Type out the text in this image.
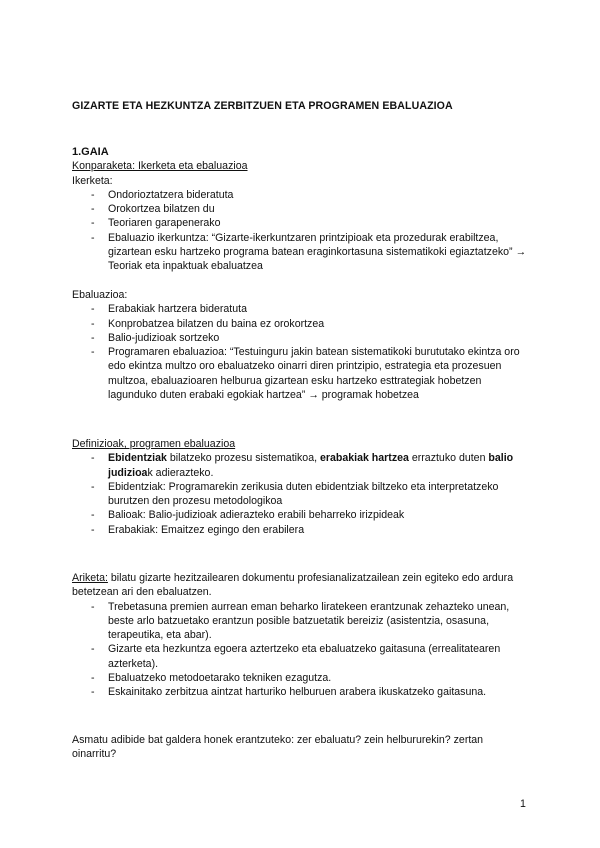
GIZARTE ETA HEZKUNTZA ZERBITZUEN ETA PROGRAMEN EBALUAZIOA
1.GAIA
Konparaketa: Ikerketa eta ebaluazioa
Ikerketa:
- Ondorioztatzera bideratuta
- Orokortzea bilatzen du
- Teoriaren garapenerako
- Ebaluazio ikerkuntza: “Gizarte-ikerkuntzaren printzipioak eta prozedurak erabiltzea, gizartean esku hartzeko programa batean eraginkortasuna sistematikoki egiaztatzeko” → Teoriak eta inpaktuak ebaluatzea
Ebaluazioa:
- Erabakiak hartzera bideratuta
- Konprobatzea bilatzen du baina ez orokortzea
- Balio-judizioak sortzeko
- Programaren ebaluazioa: “Testuinguru jakin batean sistematikoki burututako ekintza oro edo ekintza multzo oro ebaluatzeko oinarri diren printzipio, estrategia eta prozesuen multzoa, ebaluazioaren helburua gizartean esku hartzeko esttrategiak hobetzen lagunduko duten erabaki egokiak hartzea” → programak hobetzea
Definizioak, programen ebaluazioa
- Ebidentziak bilatzeko prozesu sistematikoa, erabakiak hartzea erraztuko duten balio judizioak adierazteko.
- Ebidentziak: Programarekin zerikusia duten ebidentziak biltzeko eta interpretatzeko burutzen den prozesu metodologikoa
- Balioak: Balio-judizioak adierazteko erabili beharreko irizpideak
- Erabakiak: Emaitzez egingo den erabilera
Ariketa: bilatu gizarte hezitzailearen dokumentu profesianalizatzailean zein egiteko edo ardura betetzean ari den ebaluatzen.
- Trebetasuna premien aurrean eman beharko liratekeen erantzunak zehazteko unean, beste arlo batzuetako erantzun posible batzuetatik bereiziz (asistentzia, osasuna, terapeutika, eta abar).
- Gizarte eta hezkuntza egoera aztertzeko eta ebaluatzeko gaitasuna (errealitatearen azterketa).
- Ebaluatzeko metodoetarako tekniken ezagutza.
- Eskainitako zerbitzua aintzat harturiko helburuen arabera ikuskatzeko gaitasuna.
Asmatu adibide bat galdera honek erantzuteko: zer ebaluatu? zein helbururekin? zertan oinarritu?
1
